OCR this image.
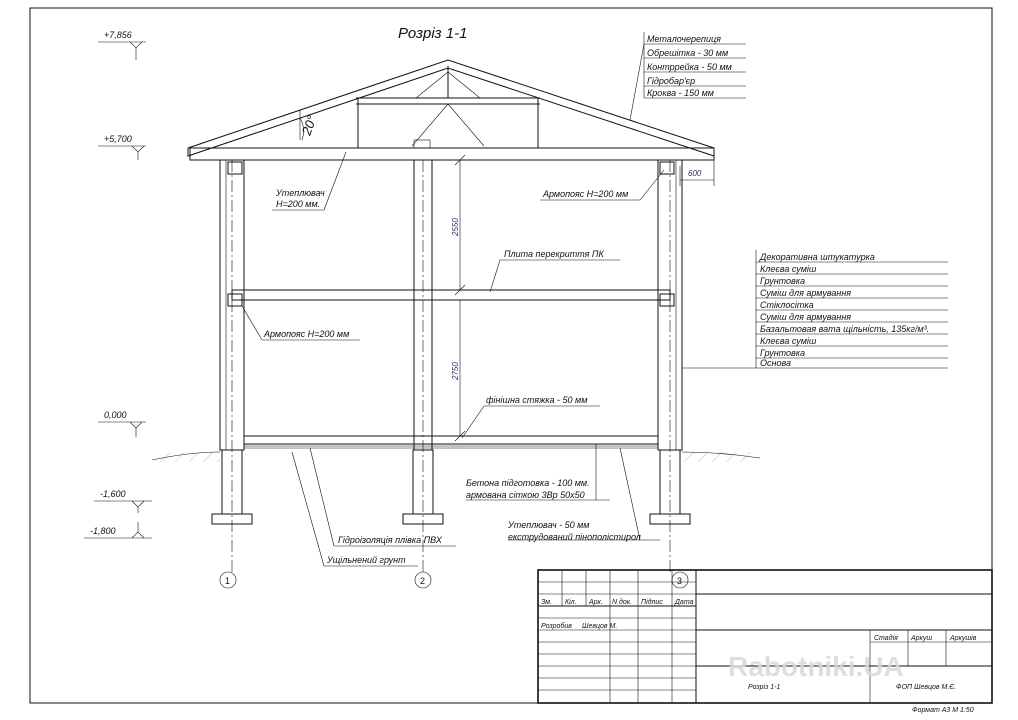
Розріз 1-1
+7,856
+5,700
0,000
-1,600
-1,800
20°
Металочерепиця
Обрешітка - 30 мм
Контррейка - 50 мм
Гідробар'єр
Кроква - 150 мм
600
1	2	3
2550
2750
Утеплювач
Н=200 мм.
Армопояс Н=200 мм
Плита перекриття ПК
Армопояс Н=200 мм
фінішна стяжка - 50 мм
Бетона підготовка - 100 мм.
армована сіткою 3Вр 50х50
Утеплювач - 50 мм
екструдований пінополістирол
Гідроізоляція плівка ПВХ
Ущільнений грунт
Декоративна штукатурка
Клеєва суміш
Грунтовка
Суміш для армування
Стіклосітка
Суміш для армування
Базальтовая вата щільність, 135кг/м³.
Клеєва суміш
Грунтовка
Основа
Зм. Кіл. Арк. N док. Підпис Дата
Розробив Шевцов М.
Стадія Аркуш	Аркушів
Розріз 1-1	ФОП Шевцов М.Є.
Формат А3 М 1:50
Rabotniki.UA
